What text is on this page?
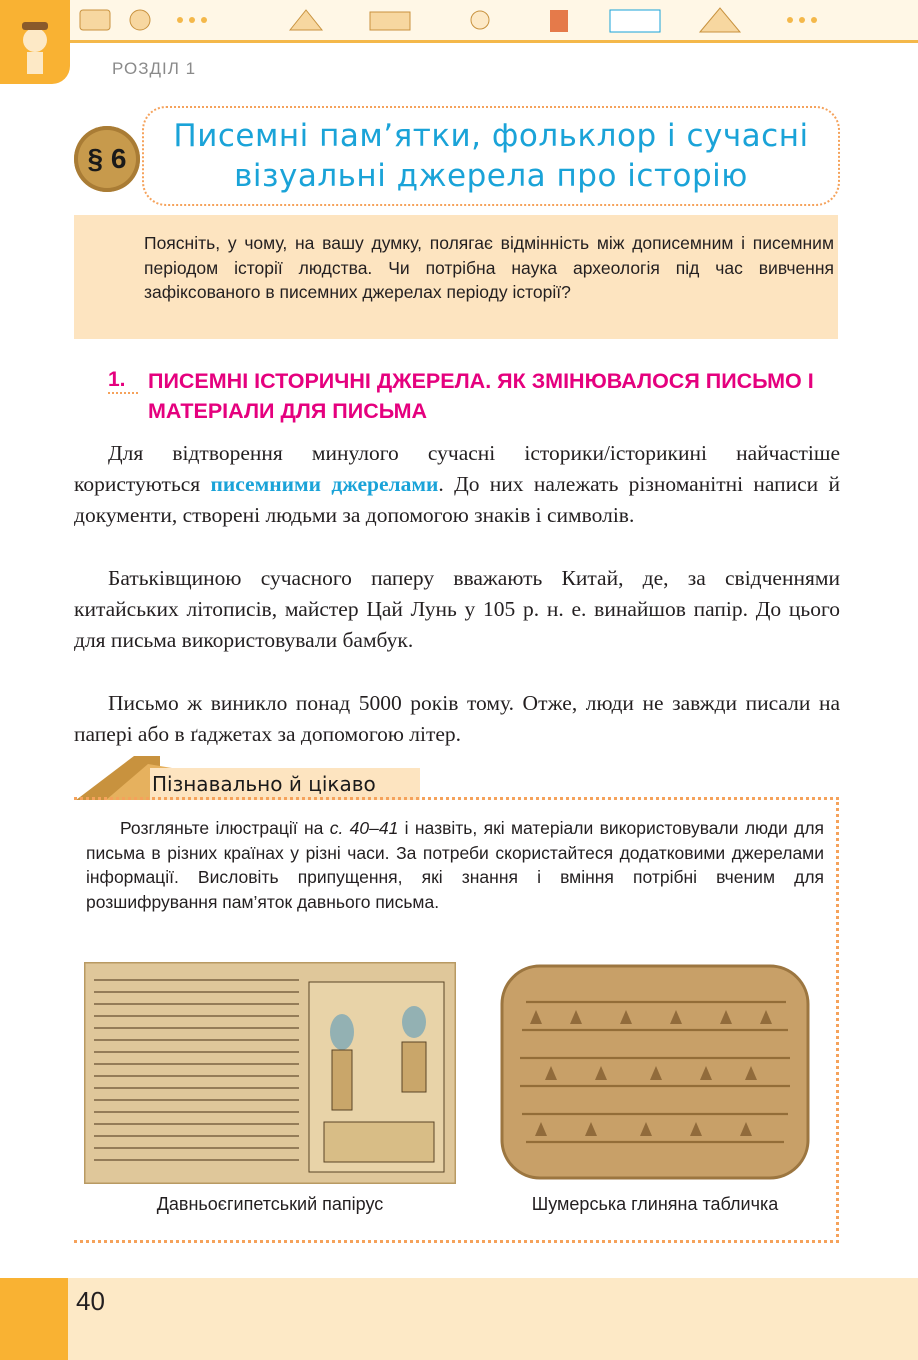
РОЗДІЛ 1
§ 6
Писемні пам’ятки, фольклор і сучасні
візуальні джерела про історію
Поясніть, у чому, на вашу думку, полягає відмінність між дописемним і писемним періодом історії людства. Чи потрібна наука археологія під час вивчення зафіксованого в писемних джерелах періоду історії?
1.	ПИСЕМНІ ІСТОРИЧНІ ДЖЕРЕЛА. ЯК ЗМІНЮВАЛОСЯ ПИСЬМО І МАТЕРІАЛИ ДЛЯ ПИСЬМА
Для відтворення минулого сучасні історики/історикині найчастіше користуються писемними джерелами. До них належать різноманітні написи й документи, створені людьми за допомогою знаків і символів.
Батьківщиною сучасного паперу вважають Китай, де, за свідченнями китайських літописів, майстер Цай Лунь у 105 р. н. е. винайшов папір. До цього для письма використовували бамбук.
Письмо ж виникло понад 5000 років тому. Отже, люди не завжди писали на папері або в ґаджетах за допомогою літер.
Пізнавально й цікаво
Розгляньте ілюстрації на с. 40–41 і назвіть, які матеріали використовували люди для письма в різних країнах у різні часи. За потреби скористайтеся додатковими джерелами інформації. Висловіть припущення, які знання і вміння потрібні вченим для розшифрування пам’яток давнього письма.
Давньоєгипетський папірус	Шумерська глиняна табличка
40
